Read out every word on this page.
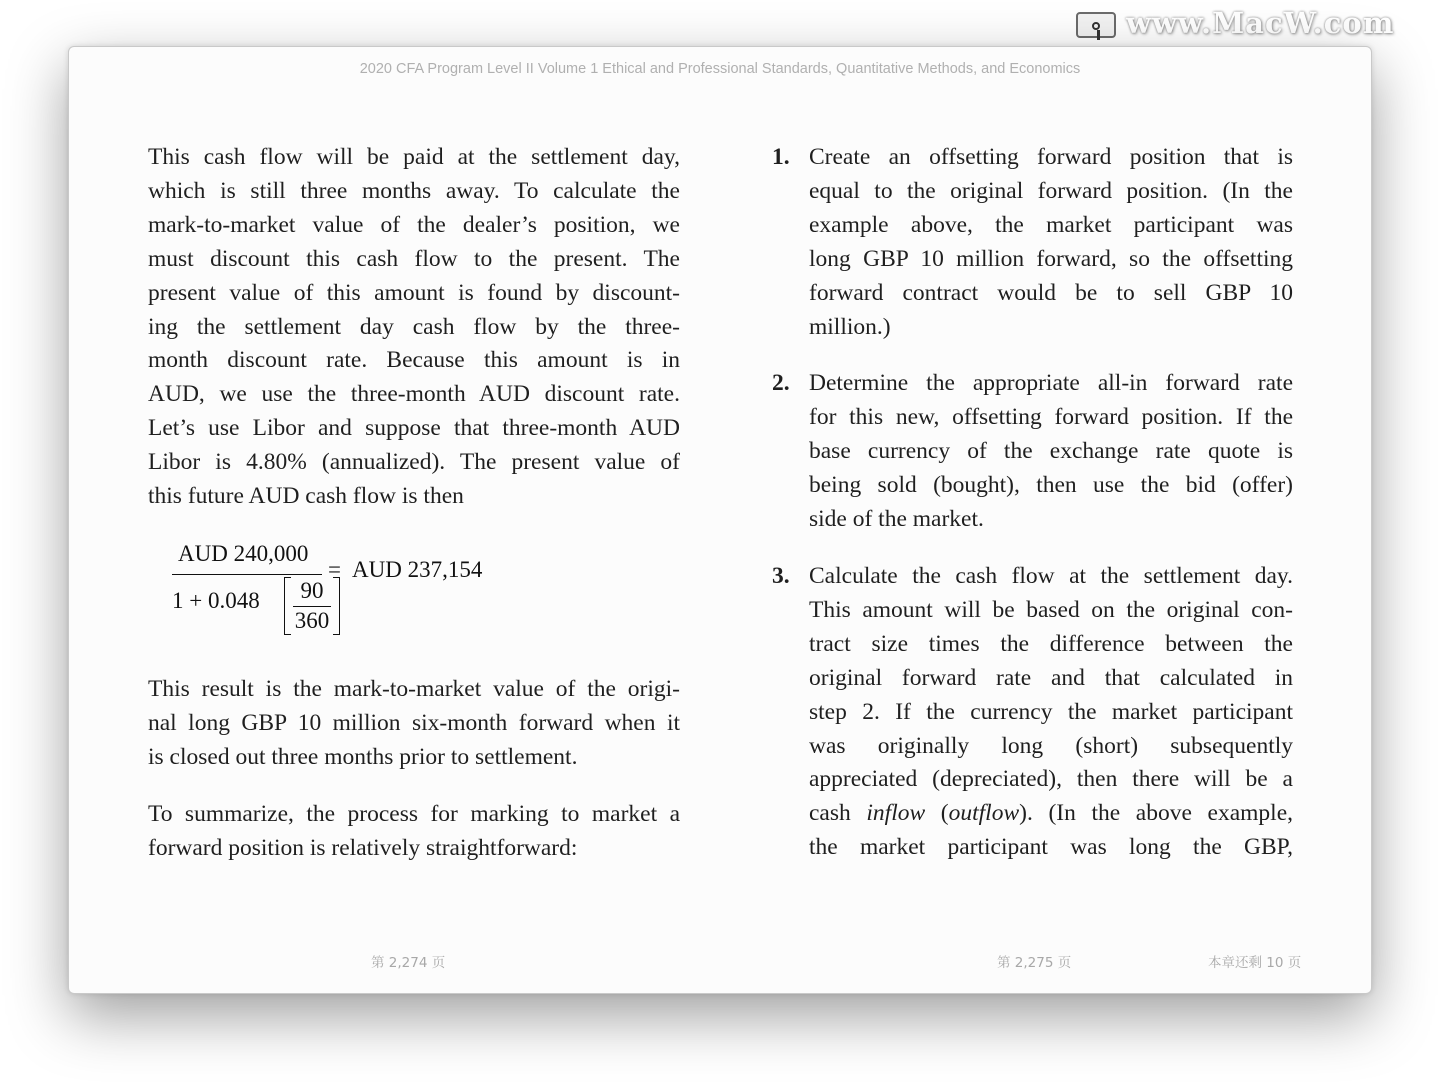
www.MacW.com
2020 CFA Program Level II Volume 1 Ethical and Professional Standards, Quantitative Methods, and Economics

This cash flow will be paid at the settlement day,
which is still three months away. To calculate the
mark-to-market value of the dealer’s position, we
must discount this cash flow to the present. The
present value of this amount is found by discount-
ing the settlement day cash flow by the three-
month discount rate. Because this amount is in
AUD, we use the three-month AUD discount rate.
Let’s use Libor and suppose that three-month AUD
Libor is 4.80% (annualized). The present value of
this future AUD cash flow is then

AUD 240,000
1 + 0.048	90
360
= AUD 237,154

This result is the mark-to-market value of the origi-
nal long GBP 10 million six-month forward when it
is closed out three months prior to settlement.

To summarize, the process for marking to market a
forward position is relatively straightforward:

1. Create an offsetting forward position that is
equal to the original forward position. (In the
example above, the market participant was
long GBP 10 million forward, so the offsetting
forward contract would be to sell GBP 10
million.)
2. Determine the appropriate all-in forward rate
for this new, offsetting forward position. If the
base currency of the exchange rate quote is
being sold (bought), then use the bid (offer)
side of the market.
3. Calculate the cash flow at the settlement day.
This amount will be based on the original con-
tract size times the difference between the
original forward rate and that calculated in
step 2. If the currency the market participant
was originally long (short) subsequently
appreciated (depreciated), then there will be a
cash inflow (outflow). (In the above example,
the market participant was long the GBP,
第 2,274 页	第 2,275 页	本章还剩 10 页
